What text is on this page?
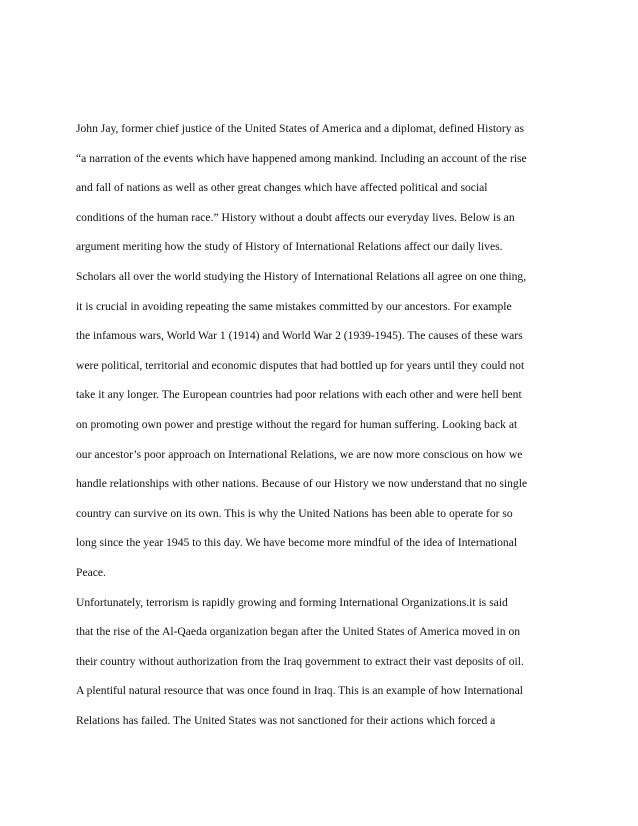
John Jay, former chief justice of the United States of America and a diplomat, defined History as
“a narration of the events which have happened among mankind. Including an account of the rise
and fall of nations as well as other great changes which have affected political and social
conditions of the human race.” History without a doubt affects our everyday lives. Below is an
argument meriting how the study of History of International Relations affect our daily lives.
Scholars all over the world studying the History of International Relations all agree on one thing,
it is crucial in avoiding repeating the same mistakes committed by our ancestors. For example
the infamous wars, World War 1 (1914) and World War 2 (1939-1945). The causes of these wars
were political, territorial and economic disputes that had bottled up for years until they could not
take it any longer. The European countries had poor relations with each other and were hell bent
on promoting own power and prestige without the regard for human suffering. Looking back at
our ancestor’s poor approach on International Relations, we are now more conscious on how we
handle relationships with other nations. Because of our History we now understand that no single
country can survive on its own. This is why the United Nations has been able to operate for so
long since the year 1945 to this day. We have become more mindful of the idea of International
Peace.
Unfortunately, terrorism is rapidly growing and forming International Organizations.it is said
that the rise of the Al-Qaeda organization began after the United States of America moved in on
their country without authorization from the Iraq government to extract their vast deposits of oil.
A plentiful natural resource that was once found in Iraq. This is an example of how International
Relations has failed. The United States was not sanctioned for their actions which forced a
